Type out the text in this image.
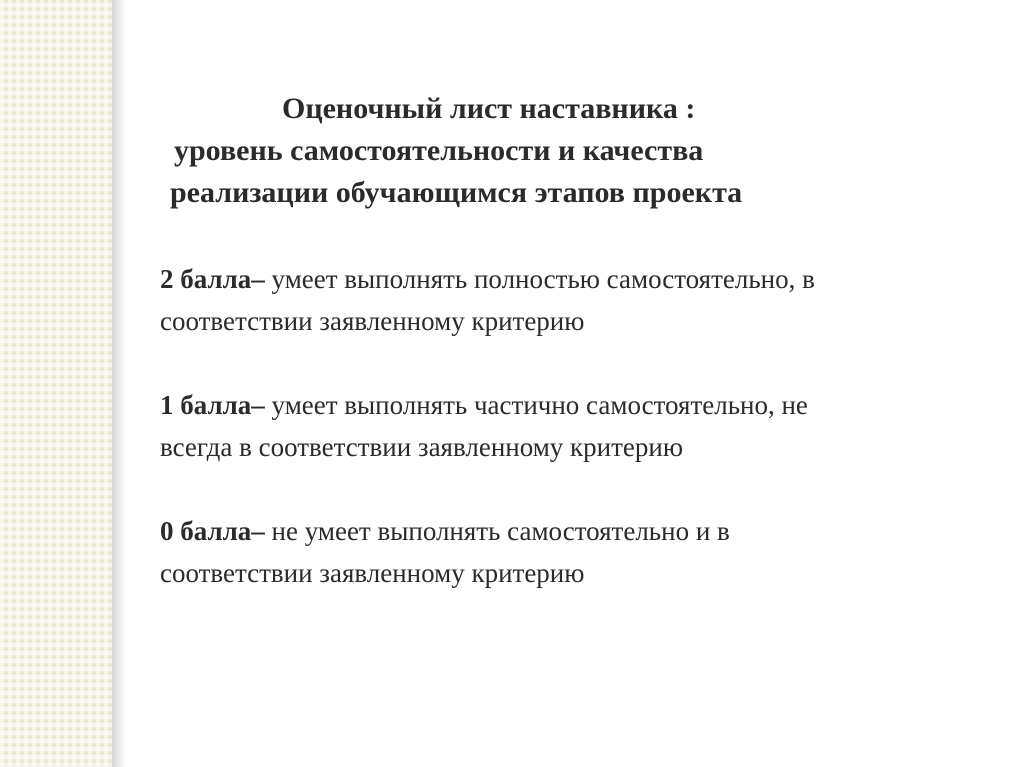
Оценочный лист наставника :
уровень самостоятельности и качества
реализации обучающимся этапов проекта
2 балла– умеет выполнять полностью самостоятельно, в
соответствии заявленному критерию
1 балла– умеет выполнять частично самостоятельно, не
всегда в соответствии заявленному критерию
0 балла– не умеет выполнять самостоятельно и в
соответствии заявленному критерию
